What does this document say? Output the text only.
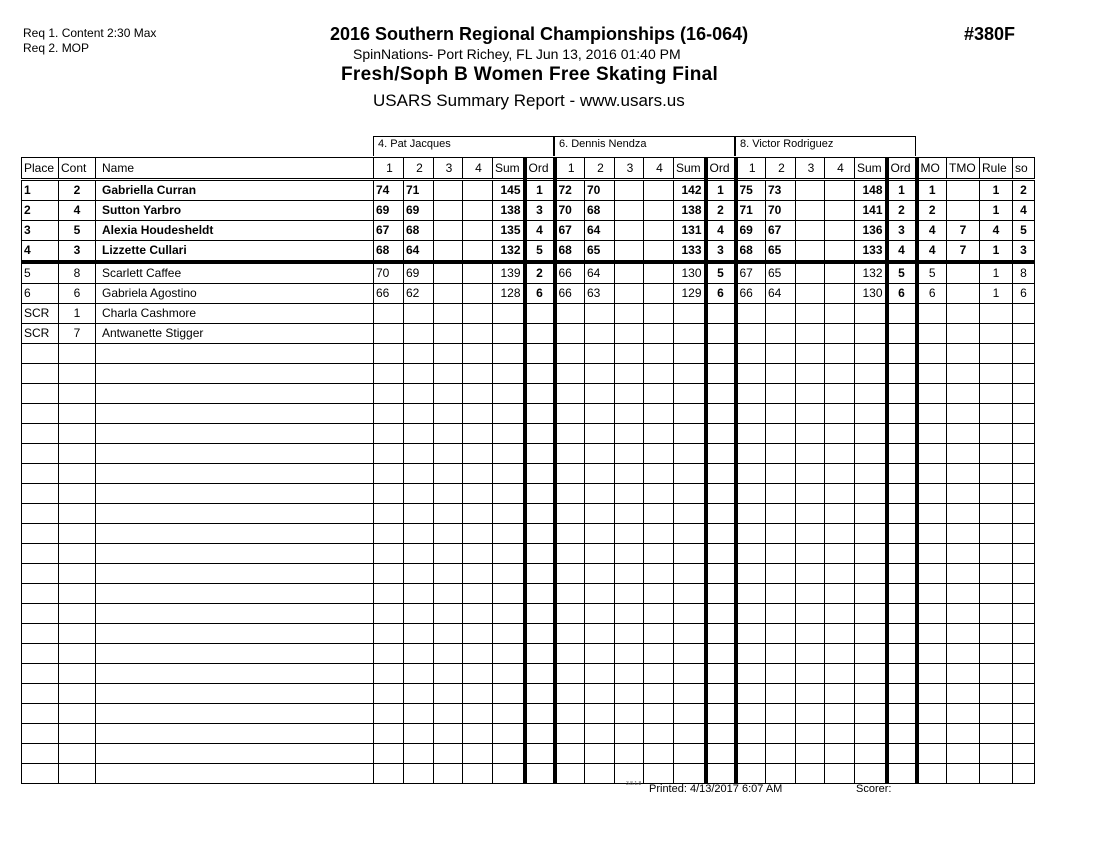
Req 1. Content 2:30 Max
Req 2. MOP
2016 Southern Regional Championships (16-064)
SpinNations- Port Richey, FL Jun 13, 2016 01:40 PM
Fresh/Soph B Women Free Skating Final
USARS Summary Report - www.usars.us
#380F
4. Pat Jacques	6. Dennis Nendza	8. Victor Rodriguez
Place	Cont	Name	1	2	3	4	Sum	Ord	1	2	3	4	Sum	Ord	1	2	3	4	Sum	Ord	MO	TMO	Rule	so
1	2	Gabriella Curran	74	71			145	1	72	70			142	1	75	73			148	1	1		1	2
2	4	Sutton Yarbro	69	69			138	3	70	68			138	2	71	70			141	2	2		1	4
3	5	Alexia Houdesheldt	67	68			135	4	67	64			131	4	69	67			136	3	4	7	4	5
4	3	Lizzette Cullari	68	64			132	5	68	65			133	3	68	65			133	4	4	7	1	3
5	8	Scarlett Caffee	70	69			139	2	66	64			130	5	67	65			132	5	5		1	8
6	6	Gabriela Agostino	66	62			128	6	66	63			129	6	66	64			130	6	6		1	6
SCR	1	Charla Cashmore																						
SCR	7	Antwanette Stigger																						

3.8.1.8 Printed: 4/13/2017 6:07 AM	Scorer:
